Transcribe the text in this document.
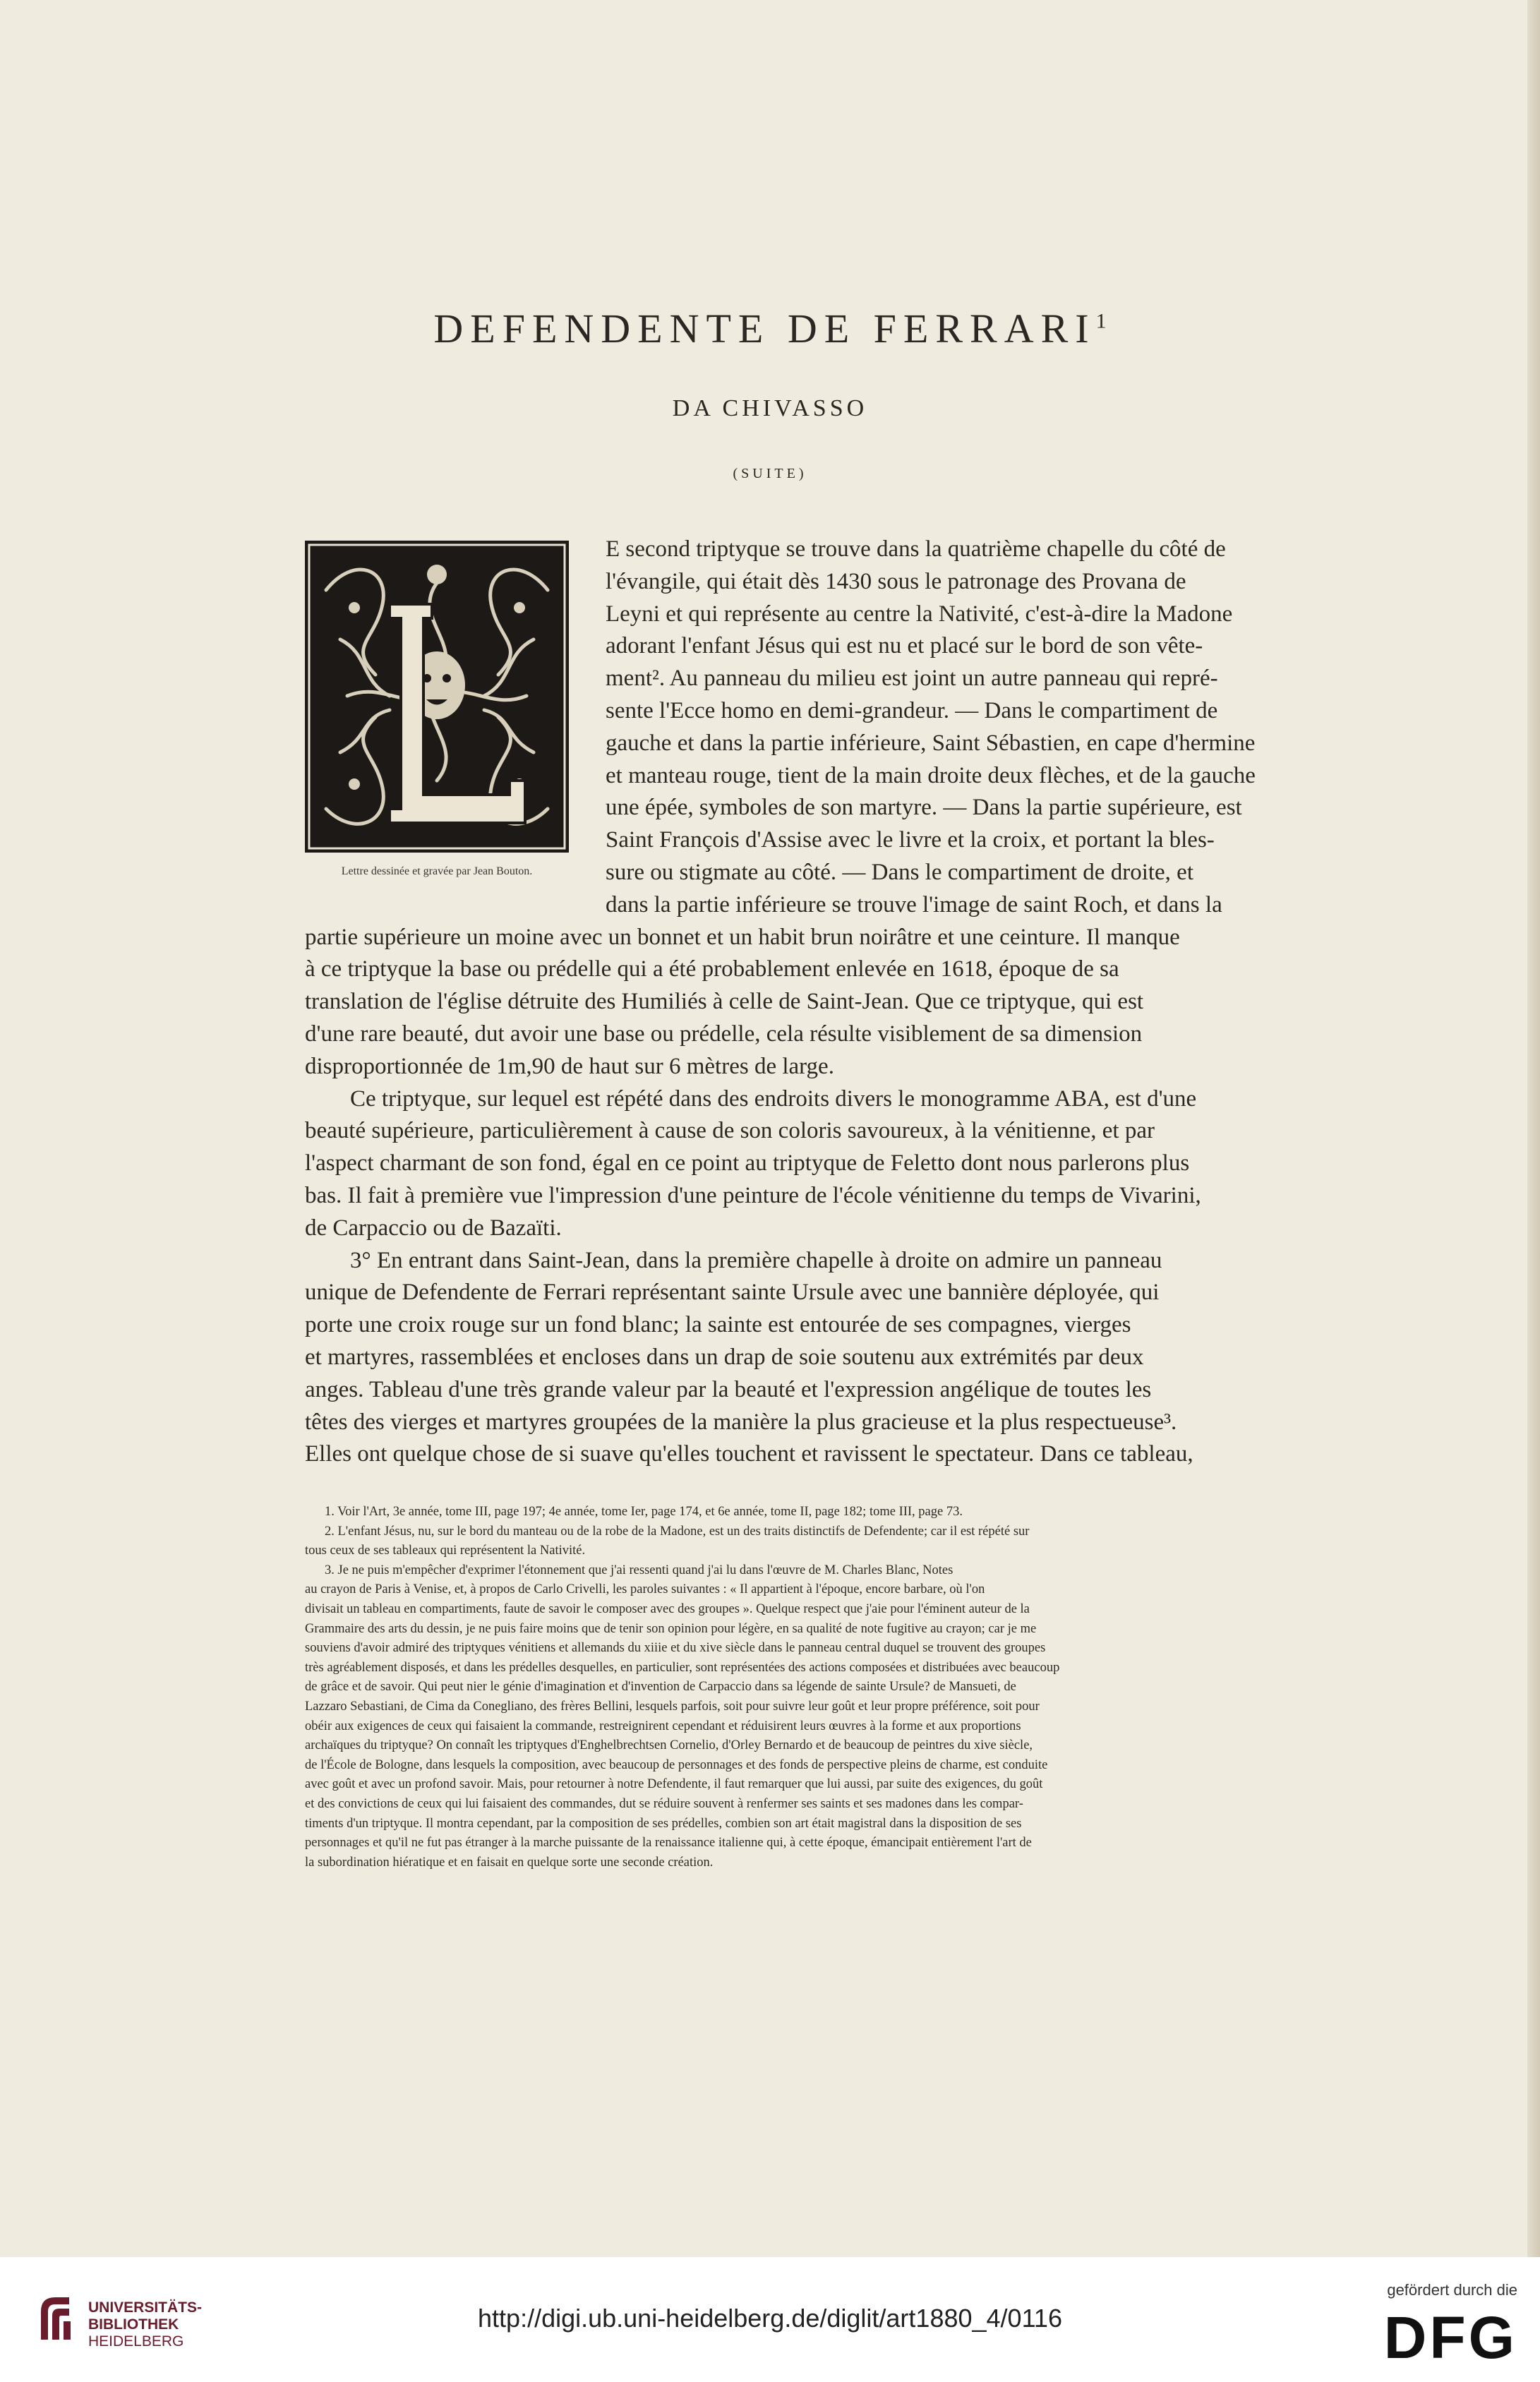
DEFENDENTE DE FERRARI$^1$
DA CHIVASSO
(SUITE)
Lettre dessinée et gravée par Jean Bouton.
E second triptyque se trouve dans la quatrième chapelle du côté de
l'évangile, qui était dès 1430 sous le patronage des Provana de
Leyni et qui représente au centre la Nativité, c'est-à-dire la Madone
adorant l'enfant Jésus qui est nu et placé sur le bord de son vête-
ment². Au panneau du milieu est joint un autre panneau qui repré-
sente l'Ecce homo en demi-grandeur. — Dans le compartiment de
gauche et dans la partie inférieure, Saint Sébastien, en cape d'hermine
et manteau rouge, tient de la main droite deux flèches, et de la gauche
une épée, symboles de son martyre. — Dans la partie supérieure, est
Saint François d'Assise avec le livre et la croix, et portant la bles-
sure ou stigmate au côté. — Dans le compartiment de droite, et
dans la partie inférieure se trouve l'image de saint Roch, et dans la
partie supérieure un moine avec un bonnet et un habit brun noirâtre et une ceinture. Il manque
à ce triptyque la base ou prédelle qui a été probablement enlevée en 1618, époque de sa
translation de l'église détruite des Humiliés à celle de Saint-Jean. Que ce triptyque, qui est
d'une rare beauté, dut avoir une base ou prédelle, cela résulte visiblement de sa dimension
disproportionnée de 1m,90 de haut sur 6 mètres de large.
Ce triptyque, sur lequel est répété dans des endroits divers le monogramme ABA, est d'une
beauté supérieure, particulièrement à cause de son coloris savoureux, à la vénitienne, et par
l'aspect charmant de son fond, égal en ce point au triptyque de Feletto dont nous parlerons plus
bas. Il fait à première vue l'impression d'une peinture de l'école vénitienne du temps de Vivarini,
de Carpaccio ou de Bazaïti.
3° En entrant dans Saint-Jean, dans la première chapelle à droite on admire un panneau
unique de Defendente de Ferrari représentant sainte Ursule avec une bannière déployée, qui
porte une croix rouge sur un fond blanc; la sainte est entourée de ses compagnes, vierges
et martyres, rassemblées et encloses dans un drap de soie soutenu aux extrémités par deux
anges. Tableau d'une très grande valeur par la beauté et l'expression angélique de toutes les
têtes des vierges et martyres groupées de la manière la plus gracieuse et la plus respectueuse³.
Elles ont quelque chose de si suave qu'elles touchent et ravissent le spectateur. Dans ce tableau,
1. Voir l'Art, 3e année, tome III, page 197; 4e année, tome Ier, page 174, et 6e année, tome II, page 182; tome III, page 73.
2. L'enfant Jésus, nu, sur le bord du manteau ou de la robe de la Madone, est un des traits distinctifs de Defendente; car il est répété sur
tous ceux de ses tableaux qui représentent la Nativité.
3. Je ne puis m'empêcher d'exprimer l'étonnement que j'ai ressenti quand j'ai lu dans l'œuvre de M. Charles Blanc, Notes
au crayon de Paris à Venise, et, à propos de Carlo Crivelli, les paroles suivantes : « Il appartient à l'époque, encore barbare, où l'on
divisait un tableau en compartiments, faute de savoir le composer avec des groupes ». Quelque respect que j'aie pour l'éminent auteur de la
Grammaire des arts du dessin, je ne puis faire moins que de tenir son opinion pour légère, en sa qualité de note fugitive au crayon; car je me
souviens d'avoir admiré des triptyques vénitiens et allemands du xiiie et du xive siècle dans le panneau central duquel se trouvent des groupes
très agréablement disposés, et dans les prédelles desquelles, en particulier, sont représentées des actions composées et distribuées avec beaucoup
de grâce et de savoir. Qui peut nier le génie d'imagination et d'invention de Carpaccio dans sa légende de sainte Ursule? de Mansueti, de
Lazzaro Sebastiani, de Cima da Conegliano, des frères Bellini, lesquels parfois, soit pour suivre leur goût et leur propre préférence, soit pour
obéir aux exigences de ceux qui faisaient la commande, restreignirent cependant et réduisirent leurs œuvres à la forme et aux proportions
archaïques du triptyque? On connaît les triptyques d'Enghelbrechtsen Cornelio, d'Orley Bernardo et de beaucoup de peintres du xive siècle,
de l'École de Bologne, dans lesquels la composition, avec beaucoup de personnages et des fonds de perspective pleins de charme, est conduite
avec goût et avec un profond savoir. Mais, pour retourner à notre Defendente, il faut remarquer que lui aussi, par suite des exigences, du goût
et des convictions de ceux qui lui faisaient des commandes, dut se réduire souvent à renfermer ses saints et ses madones dans les compar-
timents d'un triptyque. Il montra cependant, par la composition de ses prédelles, combien son art était magistral dans la disposition de ses
personnages et qu'il ne fut pas étranger à la marche puissante de la renaissance italienne qui, à cette époque, émancipait entièrement l'art de
la subordination hiératique et en faisait en quelque sorte une seconde création.
UNIVERSITÄTS-
BIBLIOTHEK
HEIDELBERG
http://digi.ub.uni-heidelberg.de/diglit/art1880_4/0116
gefördert durch die
DFG
